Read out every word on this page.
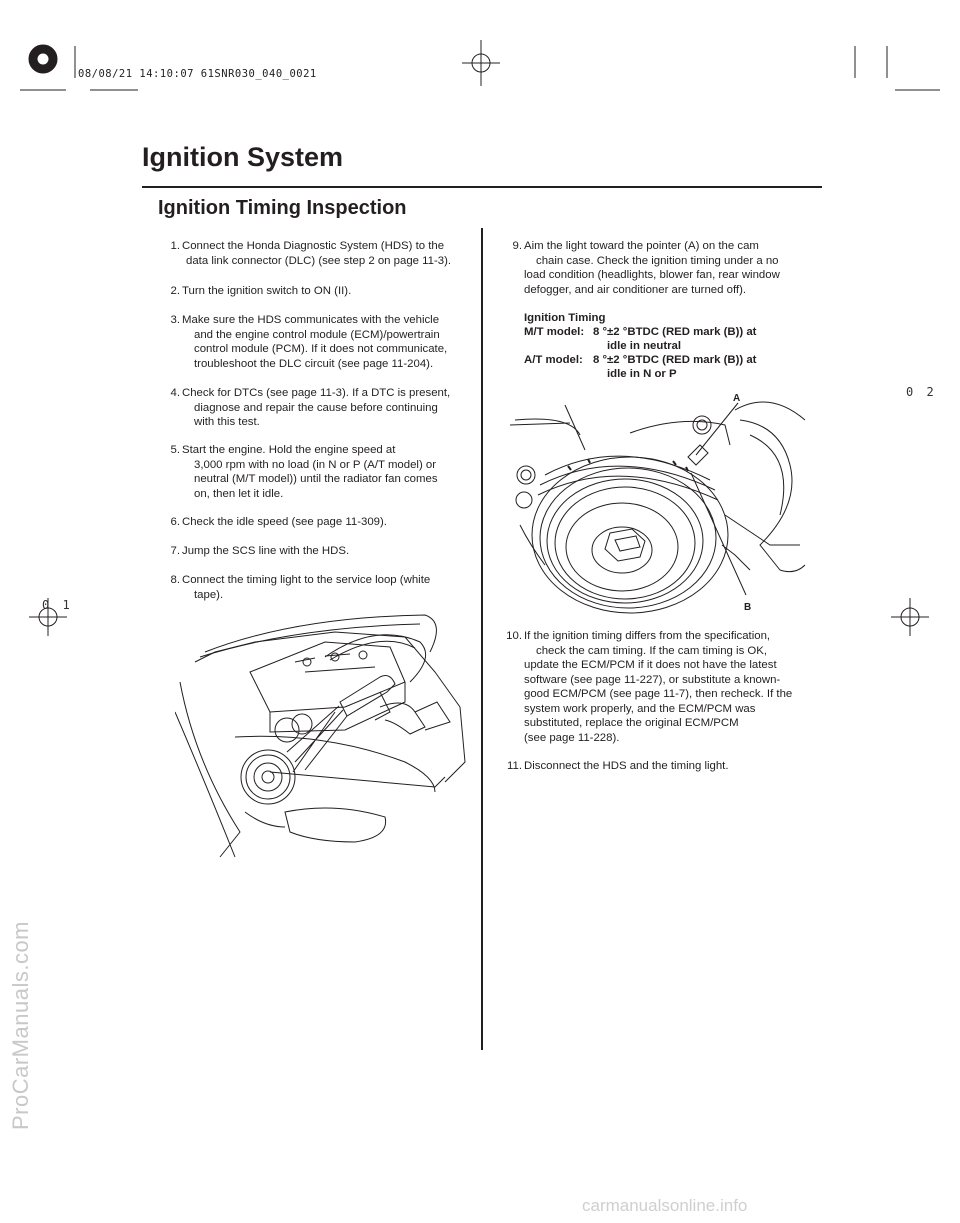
08/08/21 14:10:07 61SNR030_040_0021
Ignition System
Ignition Timing Inspection
1. Connect the Honda Diagnostic System (HDS) to the
data link connector (DLC) (see step 2 on page 11-3).
2. Turn the ignition switch to ON (II).
3. Make sure the HDS communicates with the vehicle
and the engine control module (ECM)/powertrain
control module (PCM). If it does not communicate,
troubleshoot the DLC circuit (see page 11-204).
4. Check for DTCs (see page 11-3). If a DTC is present,
diagnose and repair the cause before continuing
with this test.
5. Start the engine. Hold the engine speed at
3,000 rpm with no load (in N or P (A/T model) or
neutral (M/T model)) until the radiator fan comes
on, then let it idle.
6. Check the idle speed (see page 11-309).
7. Jump the SCS line with the HDS.
8. Connect the timing light to the service loop (white
tape).
0 1
0 2
9. Aim the light toward the pointer (A) on the cam
chain case. Check the ignition timing under a no
load condition (headlights, blower fan, rear window
defogger, and air conditioner are turned off).
Ignition Timing
M/T model: 8 °±2 °BTDC (RED mark (B)) at
idle in neutral
A/T model: 8 °±2 °BTDC (RED mark (B)) at
idle in N or P
A
B
10. If the ignition timing differs from the specification,
check the cam timing. If the cam timing is OK,
update the ECM/PCM if it does not have the latest
software (see page 11-227), or substitute a known-
good ECM/PCM (see page 11-7), then recheck. If the
system work properly, and the ECM/PCM was
substituted, replace the original ECM/PCM
(see page 11-228).
11. Disconnect the HDS and the timing light.
ProCarManuals.com
carmanualsonline.info
